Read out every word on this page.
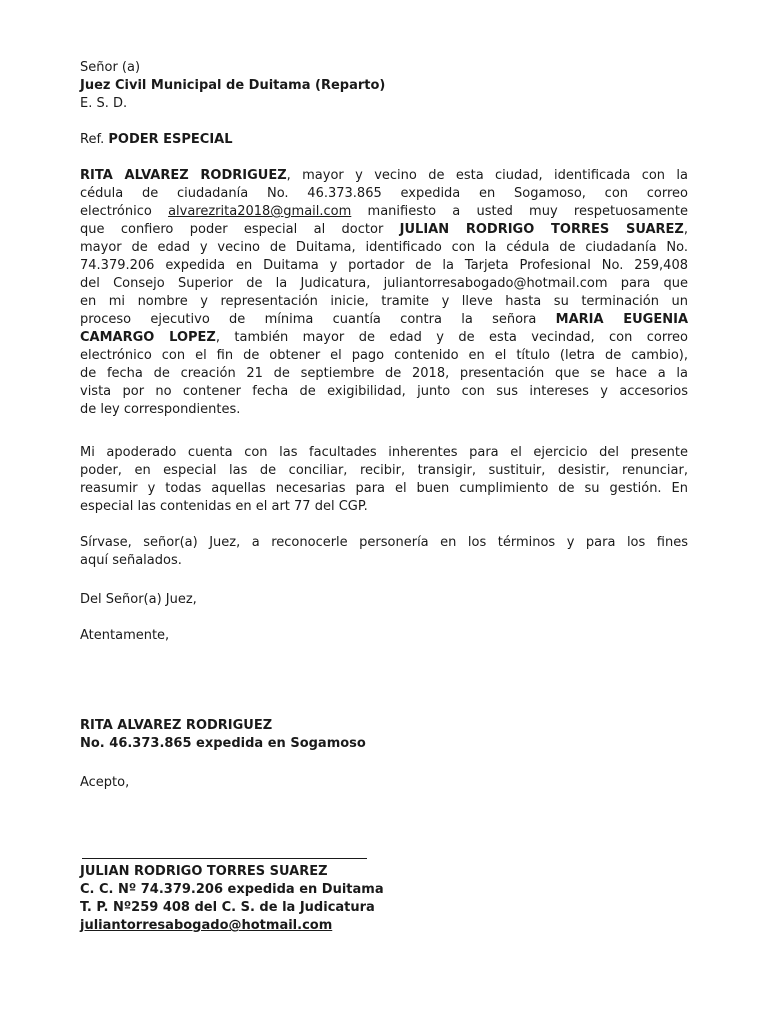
Señor (a)
Juez Civil Municipal de Duitama (Reparto)
E. S. D.
Ref. PODER ESPECIAL
RITA ALVAREZ RODRIGUEZ, mayor y vecino de esta ciudad, identificada con la
cédula de ciudadanía No. 46.373.865 expedida en Sogamoso, con correo
electrónico alvarezrita2018@gmail.com manifiesto a usted muy respetuosamente
que confiero poder especial al doctor JULIAN RODRIGO TORRES SUAREZ,
mayor de edad y vecino de Duitama, identificado con la cédula de ciudadanía No.
74.379.206 expedida en Duitama y portador de la Tarjeta Profesional No. 259,408
del Consejo Superior de la Judicatura, juliantorresabogado@hotmail.com para que
en mi nombre y representación inicie, tramite y lleve hasta su terminación un
proceso ejecutivo de mínima cuantía contra la señora MARIA EUGENIA
CAMARGO LOPEZ, también mayor de edad y de esta vecindad, con correo
electrónico con el fin de obtener el pago contenido en el título (letra de cambio),
de fecha de creación 21 de septiembre de 2018, presentación que se hace a la
vista por no contener fecha de exigibilidad, junto con sus intereses y accesorios
de ley correspondientes.
Mi apoderado cuenta con las facultades inherentes para el ejercicio del presente
poder, en especial las de conciliar, recibir, transigir, sustituir, desistir, renunciar,
reasumir y todas aquellas necesarias para el buen cumplimiento de su gestión. En
especial las contenidas en el art 77 del CGP.
Sírvase, señor(a) Juez, a reconocerle personería en los términos y para los fines
aquí señalados.
Del Señor(a) Juez,
Atentamente,
RITA ALVAREZ RODRIGUEZ
No. 46.373.865 expedida en Sogamoso
Acepto,
JULIAN RODRIGO TORRES SUAREZ
C. C. Nº 74.379.206 expedida en Duitama
T. P. Nº259 408 del C. S. de la Judicatura
juliantorresabogado@hotmail.com
